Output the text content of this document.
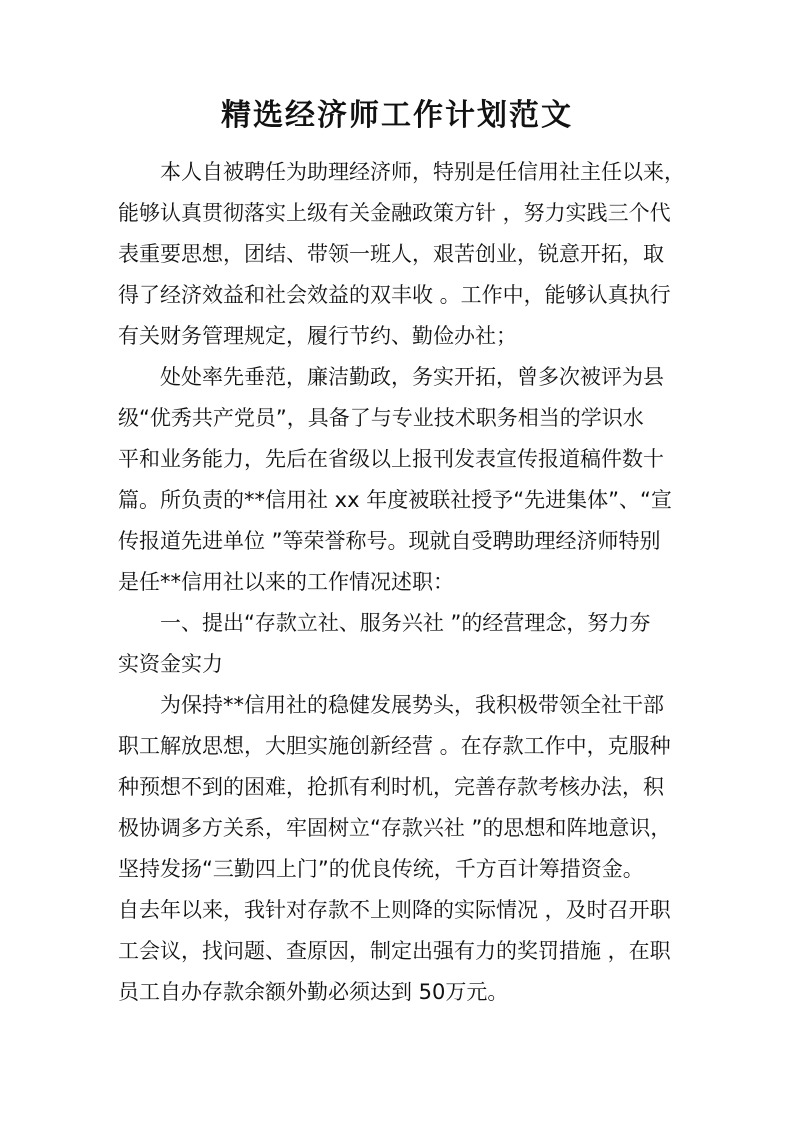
精选经济师工作计划范文
本人自被聘任为助理经济师，特别是任信用社主任以来，
能够认真贯彻落实上级有关金融政策方针 ，努力实践三个代
表重要思想，团结、带领一班人，艰苦创业，锐意开拓，取
得了经济效益和社会效益的双丰收 。工作中，能够认真执行
有关财务管理规定，履行节约、勤俭办社；
处处率先垂范，廉洁勤政，务实开拓，曾多次被评为县
级“优秀共产党员”，具备了与专业技术职务相当的学识水
平和业务能力，先后在省级以上报刊发表宣传报道稿件数十
篇。所负责的**信用社 xx 年度被联社授予“先进集体”、“宣
传报道先进单位 ”等荣誉称号。现就自受聘助理经济师特别
是任**信用社以来的工作情况述职：
一、提出“存款立社、服务兴社 ”的经营理念，努力夯
实资金实力
为保持**信用社的稳健发展势头，我积极带领全社干部
职工解放思想，大胆实施创新经营 。在存款工作中，克服种
种预想不到的困难，抢抓有利时机，完善存款考核办法，积
极协调多方关系，牢固树立“存款兴社 ”的思想和阵地意识，
坚持发扬“三勤四上门”的优良传统，千方百计筹措资金。
自去年以来，我针对存款不上则降的实际情况 ，及时召开职
工会议，找问题、查原因，制定出强有力的奖罚措施 ，在职
员工自办存款余额外勤必须达到 50万元。
